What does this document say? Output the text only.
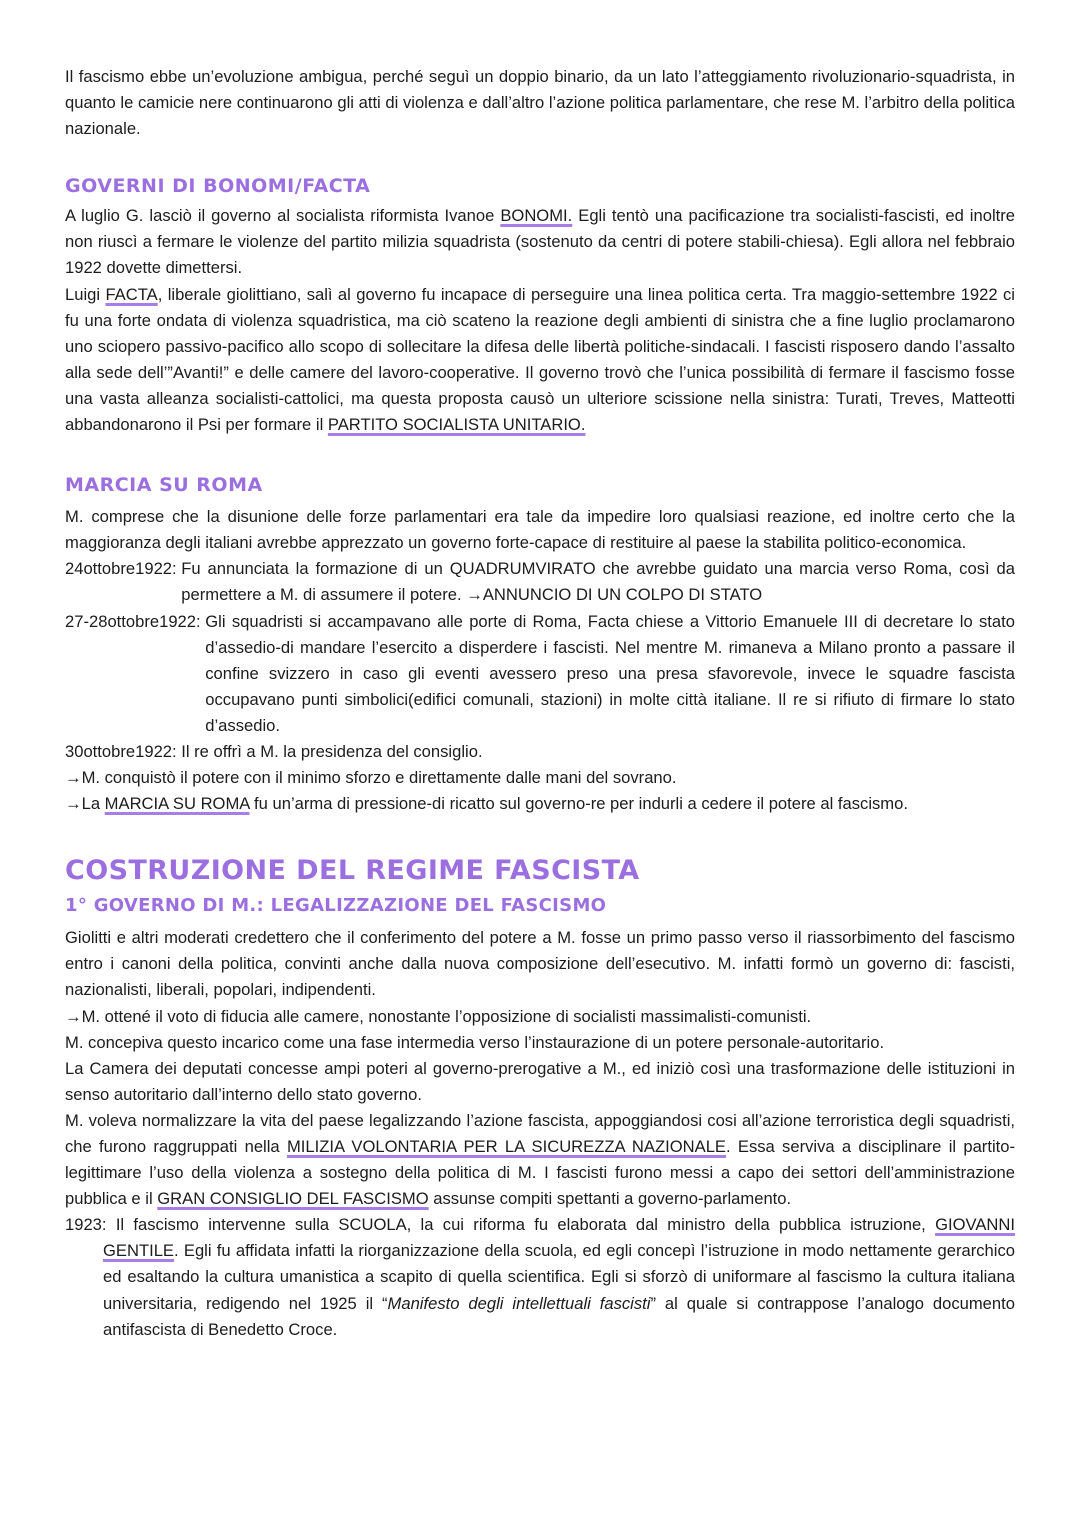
Il fascismo ebbe un’evoluzione ambigua, perché seguì un doppio binario, da un lato l’atteggiamento rivoluzionario-squadrista, in quanto le camicie nere continuarono gli atti di violenza e dall’altro l’azione politica parlamentare, che rese M. l’arbitro della politica nazionale.

GOVERNI DI BONOMI/FACTA

A luglio G. lasciò il governo al socialista riformista Ivanoe BONOMI. Egli tentò una pacificazione tra socialisti-fascisti, ed inoltre non riuscì a fermare le violenze del partito milizia squadrista (sostenuto da centri di potere stabili-chiesa). Egli allora nel febbraio 1922 dovette dimettersi.

Luigi FACTA, liberale giolittiano, salì al governo fu incapace di perseguire una linea politica certa. Tra maggio-settembre 1922 ci fu una forte ondata di violenza squadristica, ma ciò scateno la reazione degli ambienti di sinistra che a fine luglio proclamarono uno sciopero passivo-pacifico allo scopo di sollecitare la difesa delle libertà politiche-sindacali. I fascisti risposero dando l’assalto alla sede dell’”Avanti!” e delle camere del lavoro-cooperative. Il governo trovò che l’unica possibilità di fermare il fascismo fosse una vasta alleanza socialisti-cattolici, ma questa proposta causò un ulteriore scissione nella sinistra: Turati, Treves, Matteotti abbandonarono il Psi per formare il PARTITO SOCIALISTA UNITARIO.

MARCIA SU ROMA

M. comprese che la disunione delle forze parlamentari era tale da impedire loro qualsiasi reazione, ed inoltre certo che la maggioranza degli italiani avrebbe apprezzato un governo forte-capace di restituire al paese la stabilita politico-economica.

24ottobre1922: Fu annunciata la formazione di un QUADRUMVIRATO che avrebbe guidato una marcia verso Roma, così da permettere a M. di assumere il potere. →ANNUNCIO DI UN COLPO DI STATO

27-28ottobre1922: Gli squadristi si accampavano alle porte di Roma, Facta chiese a Vittorio Emanuele III di decretare lo stato d’assedio-di mandare l’esercito a disperdere i fascisti. Nel mentre M. rimaneva a Milano pronto a passare il confine svizzero in caso gli eventi avessero preso una presa sfavorevole, invece le squadre fascista occupavano punti simbolici(edifici comunali, stazioni) in molte città italiane. Il re si rifiuto di firmare lo stato d’assedio.

30ottobre1922: Il re offrì a M. la presidenza del consiglio.

→M. conquistò il potere con il minimo sforzo e direttamente dalle mani del sovrano.

→La MARCIA SU ROMA fu un’arma di pressione-di ricatto sul governo-re per indurli a cedere il potere al fascismo.

COSTRUZIONE DEL REGIME FASCISTA
1° GOVERNO DI M.: LEGALIZZAZIONE DEL FASCISMO

Giolitti e altri moderati credettero che il conferimento del potere a M. fosse un primo passo verso il riassorbimento del fascismo entro i canoni della politica, convinti anche dalla nuova composizione dell’esecutivo. M. infatti formò un governo di: fascisti, nazionalisti, liberali, popolari, indipendenti.

→M. ottené il voto di fiducia alle camere, nonostante l’opposizione di socialisti massimalisti-comunisti.

M. concepiva questo incarico come una fase intermedia verso l’instaurazione di un potere personale-autoritario.

La Camera dei deputati concesse ampi poteri al governo-prerogative a M., ed iniziò così una trasformazione delle istituzioni in senso autoritario dall’interno dello stato governo.

M. voleva normalizzare la vita del paese legalizzando l’azione fascista, appoggiandosi cosi all’azione terroristica degli squadristi, che furono raggruppati nella MILIZIA VOLONTARIA PER LA SICUREZZA NAZIONALE. Essa serviva a disciplinare il partito-legittimare l’uso della violenza a sostegno della politica di M. I fascisti furono messi a capo dei settori dell’amministrazione pubblica e il GRAN CONSIGLIO DEL FASCISMO assunse compiti spettanti a governo-parlamento.

1923: Il fascismo intervenne sulla SCUOLA, la cui riforma fu elaborata dal ministro della pubblica istruzione, GIOVANNI GENTILE. Egli fu affidata infatti la riorganizzazione della scuola, ed egli concepì l’istruzione in modo nettamente gerarchico ed esaltando la cultura umanistica a scapito di quella scientifica. Egli si sforzò di uniformare al fascismo la cultura italiana universitaria, redigendo nel 1925 il “Manifesto degli intellettuali fascisti” al quale si contrappose l’analogo documento antifascista di Benedetto Croce.
